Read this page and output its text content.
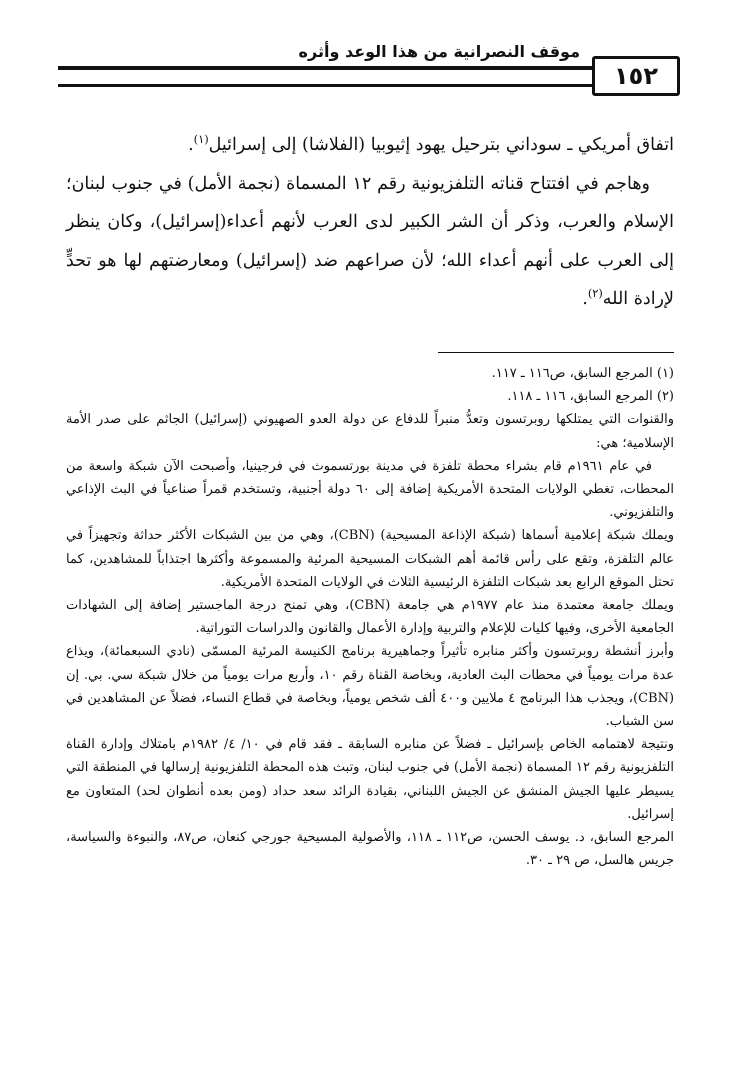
موقف النصرانية من هذا الوعد وأثره
١٥٢

اتفاق أمريكي ـ سوداني بترحيل يهود إثيوبيا (الفلاشا) إلى إسرائيل$^{(١)}$.

وهاجم في افتتاح قناته التلفزيونية رقم ١٢ المسماة (نجمة الأمل) في جنوب لبنان؛ الإسلام والعرب، وذكر أن الشر الكبير لدى العرب لأنهم أعداء(إسرائيل)، وكان ينظر إلى العرب على أنهم أعداء الله؛ لأن صراعهم ضد (إسرائيل) ومعارضتهم لها هو تحدٍّ لإرادة الله$^{(٢)}$.

(١) المرجع السابق، ص١١٦ ـ ١١٧.

(٢) المرجع السابق، ١١٦ ـ ١١٨.

والقنوات التي يمتلكها روبرتسون وتعدُّ منبراً للدفاع عن دولة العدو الصهيوني (إسرائيل) الجاثم على صدر الأمة الإسلامية؛ هي:

في عام ١٩٦١م قام بشراء محطة تلفزة في مدينة بورتسموث في فرجينيا، وأصبحت الآن شبكة واسعة من المحطات، تغطي الولايات المتحدة الأمريكية إضافة إلى ٦٠ دولة أجنبية، وتستخدم قمراً صناعياً في البث الإذاعي والتلفزيوني.

ويملك شبكة إعلامية أسماها (شبكة الإذاعة المسيحية) (CBN)، وهي من بين الشبكات الأكثر حداثة وتجهيزاً في عالم التلفزة، وتقع على رأس قائمة أهم الشبكات المسيحية المرئية والمسموعة وأكثرها اجتذاباً للمشاهدين، كما تحتل الموقع الرابع بعد شبكات التلفزة الرئيسية الثلاث في الولايات المتحدة الأمريكية.

ويملك جامعة معتمدة منذ عام ١٩٧٧م هي جامعة (CBN)، وهي تمنح درجة الماجستير إضافة إلى الشهادات الجامعية الأخرى، وفيها كليات للإعلام والتربية وإدارة الأعمال والقانون والدراسات التوراتية.

وأبرز أنشطة روبرتسون وأكثر منابره تأثيراً وجماهيرية برنامج الكنيسة المرئية المسمّى (نادي السبعمائة)، ويذاع عدة مرات يومياً في محطات البث العادية، وبخاصة القناة رقم ١٠، وأربع مرات يومياً من خلال شبكة سي. بي. إن (CBN)، ويجذب هذا البرنامج ٤ ملايين و٤٠٠ ألف شخص يومياً، وبخاصة في قطاع النساء، فضلاً عن المشاهدين في سن الشباب.

ونتيجة لاهتمامه الخاص بإسرائيل ـ فضلاً عن منابره السابقة ـ فقد قام في ١٠/ ٤/ ١٩٨٢م بامتلاك وإدارة القناة التلفزيونية رقم ١٢ المسماة (نجمة الأمل) في جنوب لبنان، وتبث هذه المحطة التلفزيونية إرسالها في المنطقة التي يسيطر عليها الجيش المنشق عن الجيش اللبناني، بقيادة الرائد سعد حداد (ومن بعده أنطوان لحد) المتعاون مع إسرائيل.

المرجع السابق، د. يوسف الحسن، ص١١٢ ـ ١١٨، والأصولية المسيحية جورجي كنعان، ص٨٧، والنبوءة والسياسة، جريس هالسل، ص ٢٩ ـ ٣٠.
